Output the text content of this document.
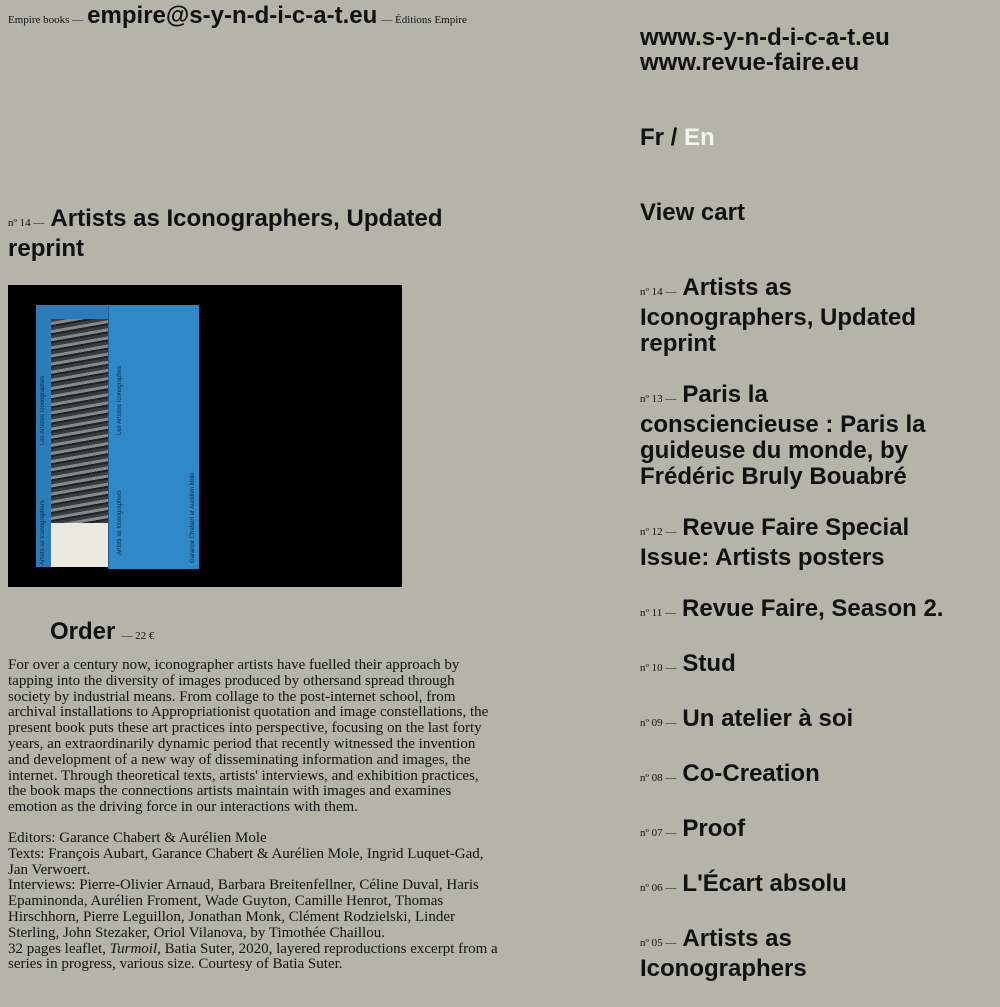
Empire books — empire@s-y-n-d-i-c-a-t.eu — Éditions Empire
www.s-y-n-d-i-c-a-t.eu
www.revue-faire.eu
Fr / En
View cart
nº 14 — Artists as Iconographers, Updated reprint
nº 13 — Paris la consciencieuse : Paris la guideuse du monde, by Frédéric Bruly Bouabré
nº 12 — Revue Faire Special Issue: Artists posters
nº 11 — Revue Faire, Season 2.
nº 10 — Stud
nº 09 — Un atelier à soi
nº 08 — Co-Creation
nº 07 — Proof
nº 06 — L'Écart absolu
nº 05 — Artists as Iconographers
nº 14 — Artists as Iconographers, Updated reprint
Artists as Iconographers
Les Artistes Iconographes	Les Artistes Iconographes
Artists as Iconographers	Garance Chabert et Aurélien Mole
Order — 22 €

For over a century now, iconographer artists have fuelled their approach by tapping into the diversity of images produced by othersand spread through society by industrial means. From collage to the post-internet school, from archival installations to Appropriationist quotation and image constellations, the present book puts these art practices into perspective, focusing on the last forty years, an extraordinarily dynamic period that recently witnessed the invention and development of a new way of disseminating information and images, the internet. Through theoretical texts, artists' interviews, and exhibition practices, the book maps the connections artists maintain with images and examines emotion as the driving force in our interactions with them.

Editors: Garance Chabert & Aurélien Mole
Texts: François Aubart, Garance Chabert & Aurélien Mole, Ingrid Luquet-Gad, Jan Verwoert.
Interviews: Pierre-Olivier Arnaud, Barbara Breitenfellner, Céline Duval, Haris Epaminonda, Aurélien Froment, Wade Guyton, Camille Henrot, Thomas Hirschhorn, Pierre Leguillon, Jonathan Monk, Clément Rodzielski, Linder Sterling, John Stezaker, Oriol Vilanova, by Timothée Chaillou.
32 pages leaflet, Turmoil, Batia Suter, 2020, layered reproductions excerpt from a series in progress, various size. Courtesy of Batia Suter.
